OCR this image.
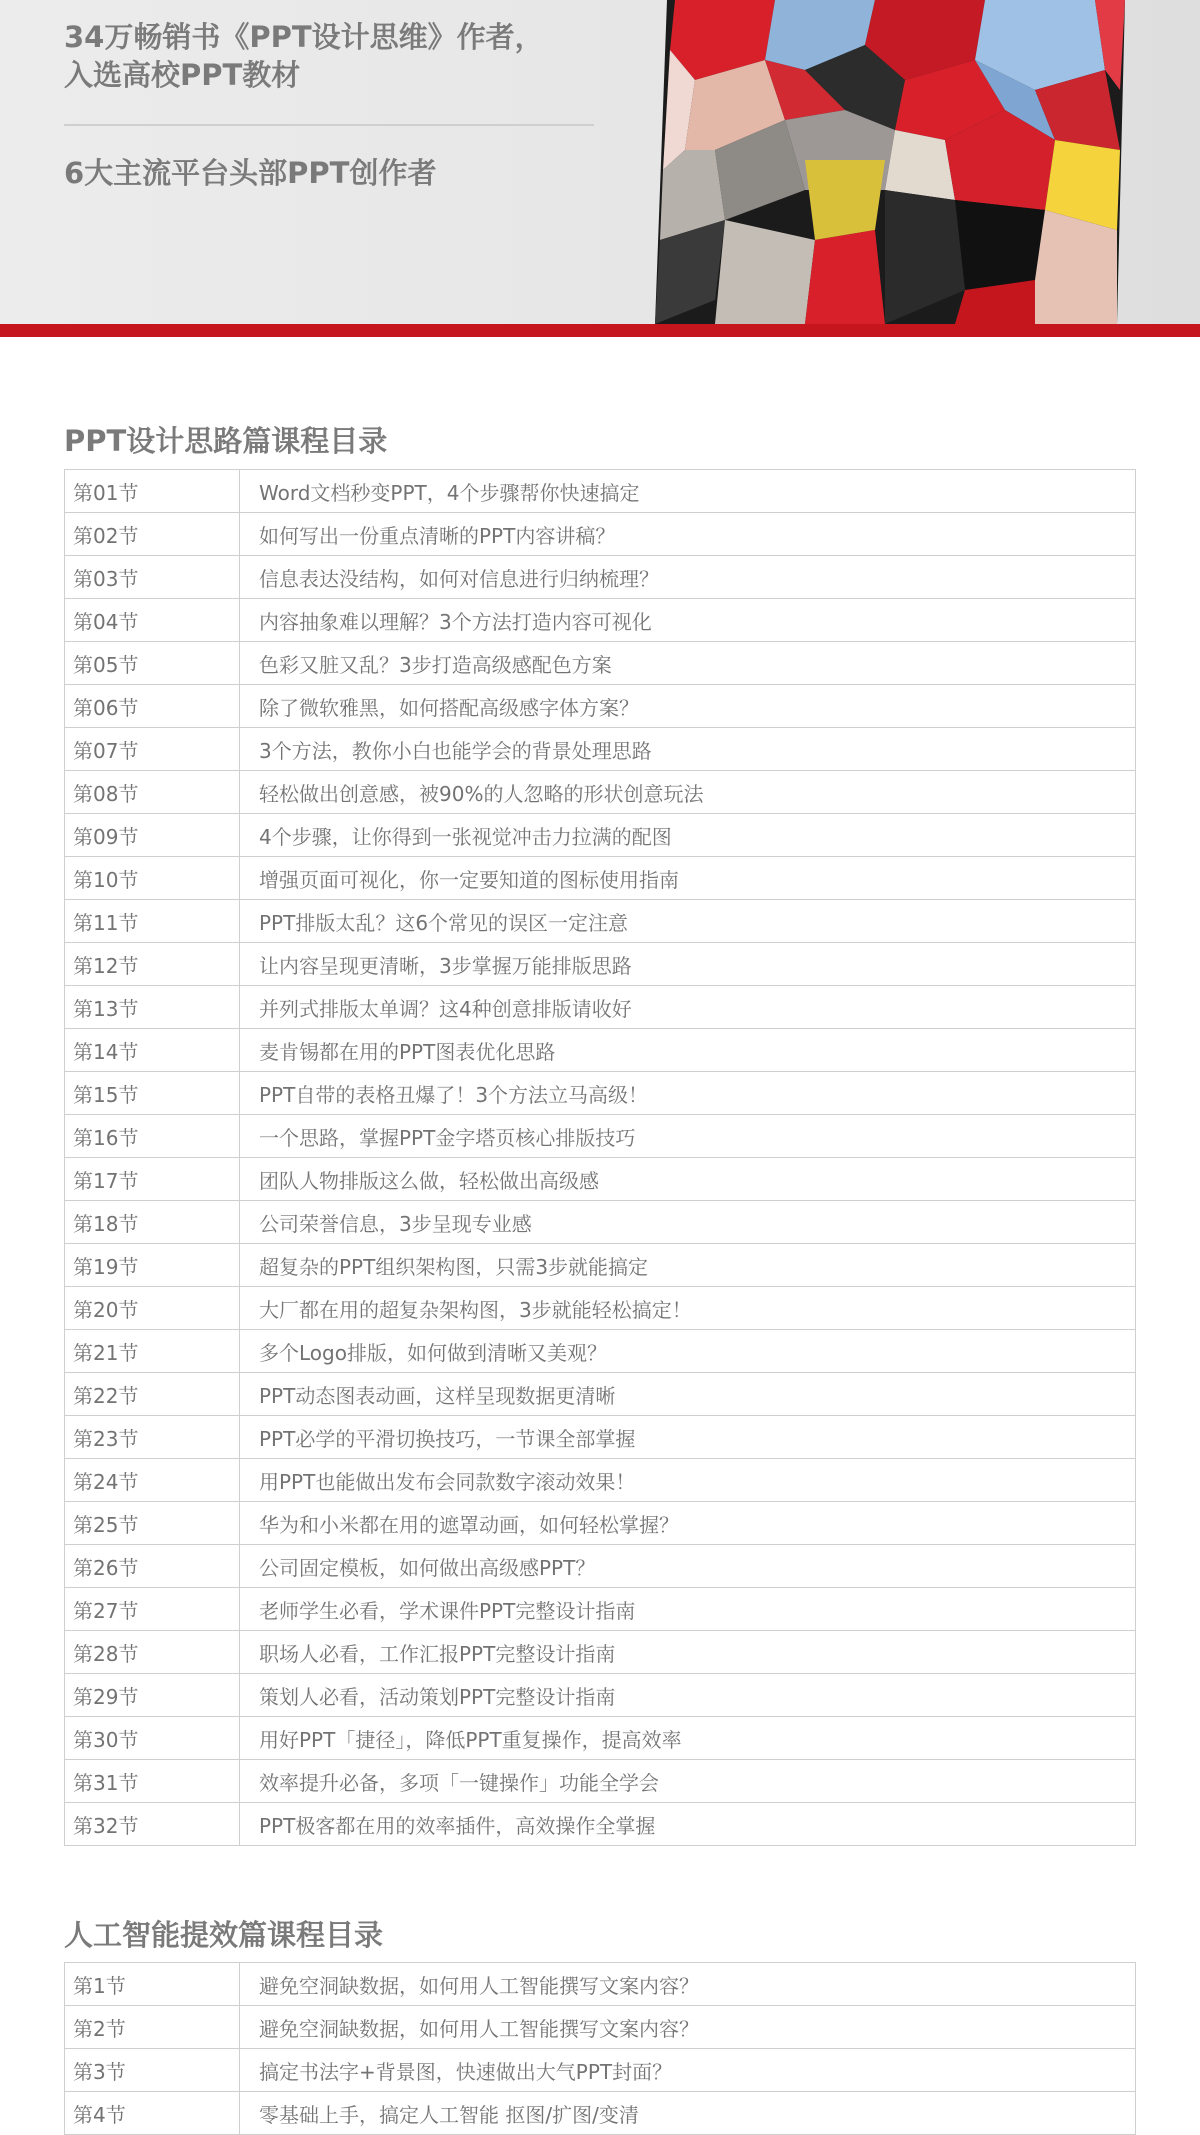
34万畅销书《PPT设计思维》作者，

入选高校PPT教材

6大主流平台头部PPT创作者

PPT设计思路篇课程目录
第01节	Word文档秒变PPT，4个步骤帮你快速搞定
第02节	如何写出一份重点清晰的PPT内容讲稿？
第03节	信息表达没结构，如何对信息进行归纳梳理？
第04节	内容抽象难以理解？3个方法打造内容可视化
第05节	色彩又脏又乱？3步打造高级感配色方案
第06节	除了微软雅黑，如何搭配高级感字体方案？
第07节	3个方法，教你小白也能学会的背景处理思路
第08节	轻松做出创意感，被90%的人忽略的形状创意玩法
第09节	4个步骤，让你得到一张视觉冲击力拉满的配图
第10节	增强页面可视化，你一定要知道的图标使用指南
第11节	PPT排版太乱？这6个常见的误区一定注意
第12节	让内容呈现更清晰，3步掌握万能排版思路
第13节	并列式排版太单调？这4种创意排版请收好
第14节	麦肯锡都在用的PPT图表优化思路
第15节	PPT自带的表格丑爆了！3个方法立马高级！
第16节	一个思路，掌握PPT金字塔页核心排版技巧
第17节	团队人物排版这么做，轻松做出高级感
第18节	公司荣誉信息，3步呈现专业感
第19节	超复杂的PPT组织架构图，只需3步就能搞定
第20节	大厂都在用的超复杂架构图，3步就能轻松搞定！
第21节	多个Logo排版，如何做到清晰又美观？
第22节	PPT动态图表动画，这样呈现数据更清晰
第23节	PPT必学的平滑切换技巧，一节课全部掌握
第24节	用PPT也能做出发布会同款数字滚动效果！
第25节	华为和小米都在用的遮罩动画，如何轻松掌握？
第26节	公司固定模板，如何做出高级感PPT？
第27节	老师学生必看，学术课件PPT完整设计指南
第28节	职场人必看，工作汇报PPT完整设计指南
第29节	策划人必看，活动策划PPT完整设计指南
第30节	用好PPT「捷径」，降低PPT重复操作，提高效率
第31节	效率提升必备，多项「一键操作」功能全学会
第32节	PPT极客都在用的效率插件，高效操作全掌握
人工智能提效篇课程目录
第1节	避免空洞缺数据，如何用人工智能撰写文案内容？
第2节	避免空洞缺数据，如何用人工智能撰写文案内容？
第3节	搞定书法字+背景图，快速做出大气PPT封面？
第4节	零基础上手，搞定人工智能 抠图/扩图/变清
